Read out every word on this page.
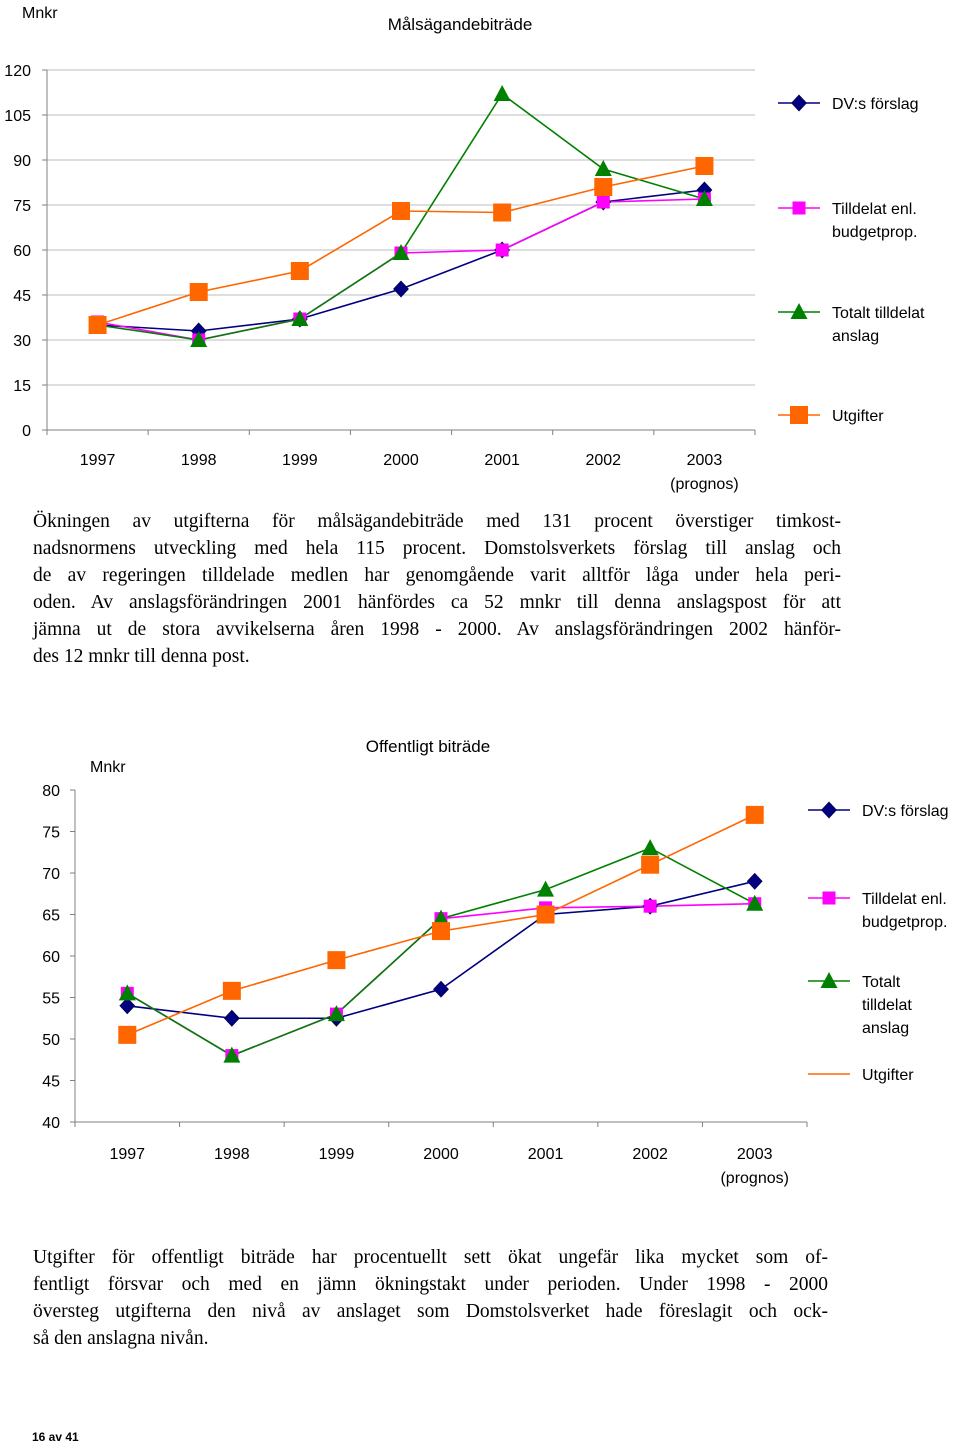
Mnkr
Målsägandebiträde
0
15
30
45
60
75
90
105
120
1997	1998	1999	2000	2001	2002	2003
(prognos)
DV:s förslag
Tilldelat enl.
budgetprop.
Totalt tilldelat
anslag
Utgifter

Ökningen av utgifterna för målsägandebiträde med 131 procent överstiger timkost-
nadsnormens utveckling med hela 115 procent. Domstolsverkets förslag till anslag och
de av regeringen tilldelade medlen har genomgående varit alltför låga under hela peri-
oden. Av anslagsförändringen 2001 hänfördes ca 52 mnkr till denna anslagspost för att
jämna ut de stora avvikelserna åren 1998 - 2000. Av anslagsförändringen 2002 hänför-
des 12 mnkr till denna post.

Mnkr
Offentligt biträde
40
45
50
55
60
65
70
75
80
1997	1998	1999	2000	2001	2002	2003
(prognos)
DV:s förslag
Tilldelat enl.
budgetprop.
Totalt
tilldelat
anslag
Utgifter

Utgifter för offentligt biträde har procentuellt sett ökat ungefär lika mycket som of-
fentligt försvar och med en jämn ökningstakt under perioden. Under 1998 - 2000
översteg utgifterna den nivå av anslaget som Domstolsverket hade föreslagit och ock-
så den anslagna nivån.

16 av 41
